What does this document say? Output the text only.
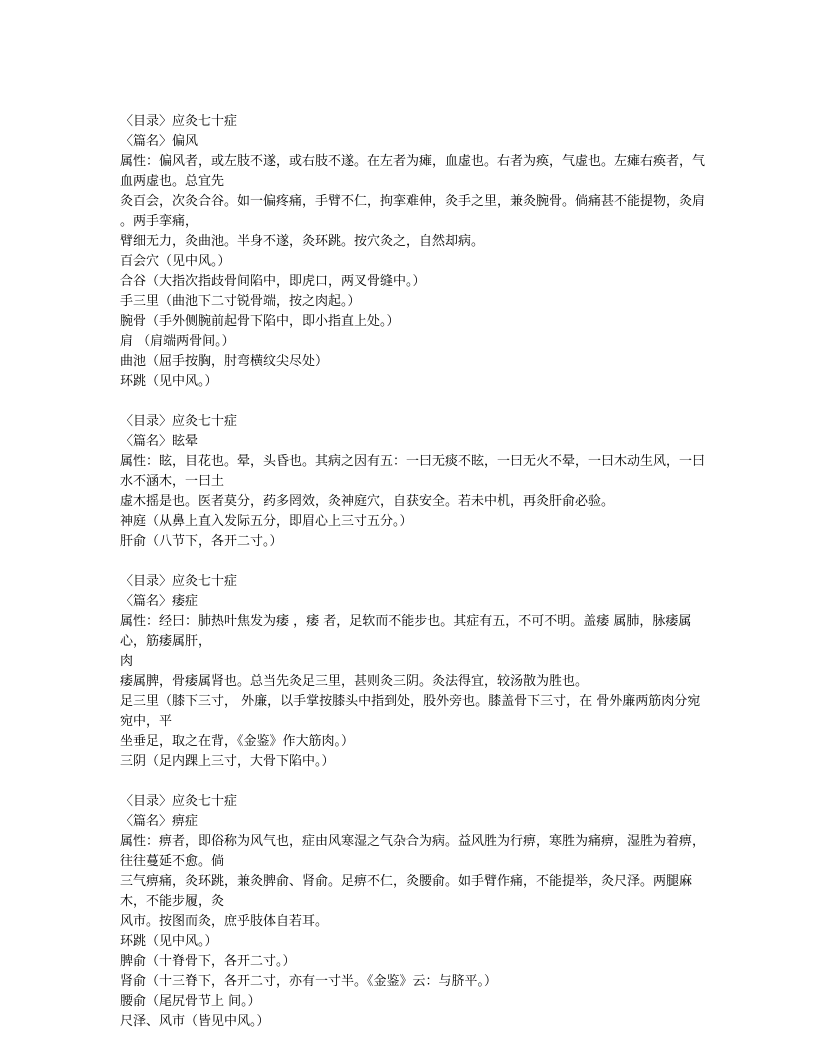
〈目录〉应灸七十症
〈篇名〉偏风
属性：偏风者，或左肢不遂，或右肢不遂。在左者为瘫，血虚也。右者为痪，气虚也。左瘫右痪者，气血两虚也。总宜先
灸百会，次灸合谷。如一偏疼痛，手臂不仁，拘挛难伸，灸手之里，兼灸腕骨。倘痛甚不能提物，灸肩 。两手挛痛，
臂细无力，灸曲池。半身不遂，灸环跳。按穴灸之，自然却病。
百会穴（见中风。）
合谷（大指次指歧骨间陷中，即虎口，两叉骨缝中。）
手三里（曲池下二寸锐骨端，按之肉起。）
腕骨（手外侧腕前起骨下陷中，即小指直上处。）
肩 （肩端两骨间。）
曲池（屈手按胸，肘弯横纹尖尽处）
环跳（见中风。）
〈目录〉应灸七十症
〈篇名〉眩晕
属性：眩，目花也。晕，头昏也。其病之因有五：一曰无痰不眩，一曰无火不晕，一曰木动生风，一曰水不涵木，一曰土
虚木摇是也。医者莫分，药多罔效，灸神庭穴，自获安全。若未中机，再灸肝俞必验。
神庭（从鼻上直入发际五分，即眉心上三寸五分。）
肝俞（八节下，各开二寸。）
〈目录〉应灸七十症
〈篇名〉痿症
属性：经曰：肺热叶焦发为痿 ，痿 者，足软而不能步也。其症有五，不可不明。盖痿 属肺，脉痿属心，筋痿属肝，
肉
痿属脾，骨痿属肾也。总当先灸足三里，甚则灸三阴。灸法得宜，较汤散为胜也。
足三里（膝下三寸， 外廉，以手掌按膝头中指到处，股外旁也。膝盖骨下三寸，在 骨外廉两筋肉分宛宛中，平
坐垂足，取之在背，《金鉴》作大筋肉。）
三阴（足内踝上三寸，大骨下陷中。）
〈目录〉应灸七十症
〈篇名〉痹症
属性：痹者，即俗称为风气也，症由风寒湿之气杂合为病。益风胜为行痹，寒胜为痛痹，湿胜为着痹，往往蔓延不愈。倘
三气痹痛，灸环跳，兼灸脾俞、肾俞。足痹不仁，灸腰俞。如手臂作痛，不能提举，灸尺泽。两腿麻木，不能步履，灸
风市。按图而灸，庶乎肢体自若耳。
环跳（见中风。）
脾俞（十脊骨下，各开二寸。）
肾俞（十三脊下，各开二寸，亦有一寸半。《金鉴》云：与脐平。）
腰俞（尾尻骨节上 间。）
尺泽、风市（皆见中风。）
